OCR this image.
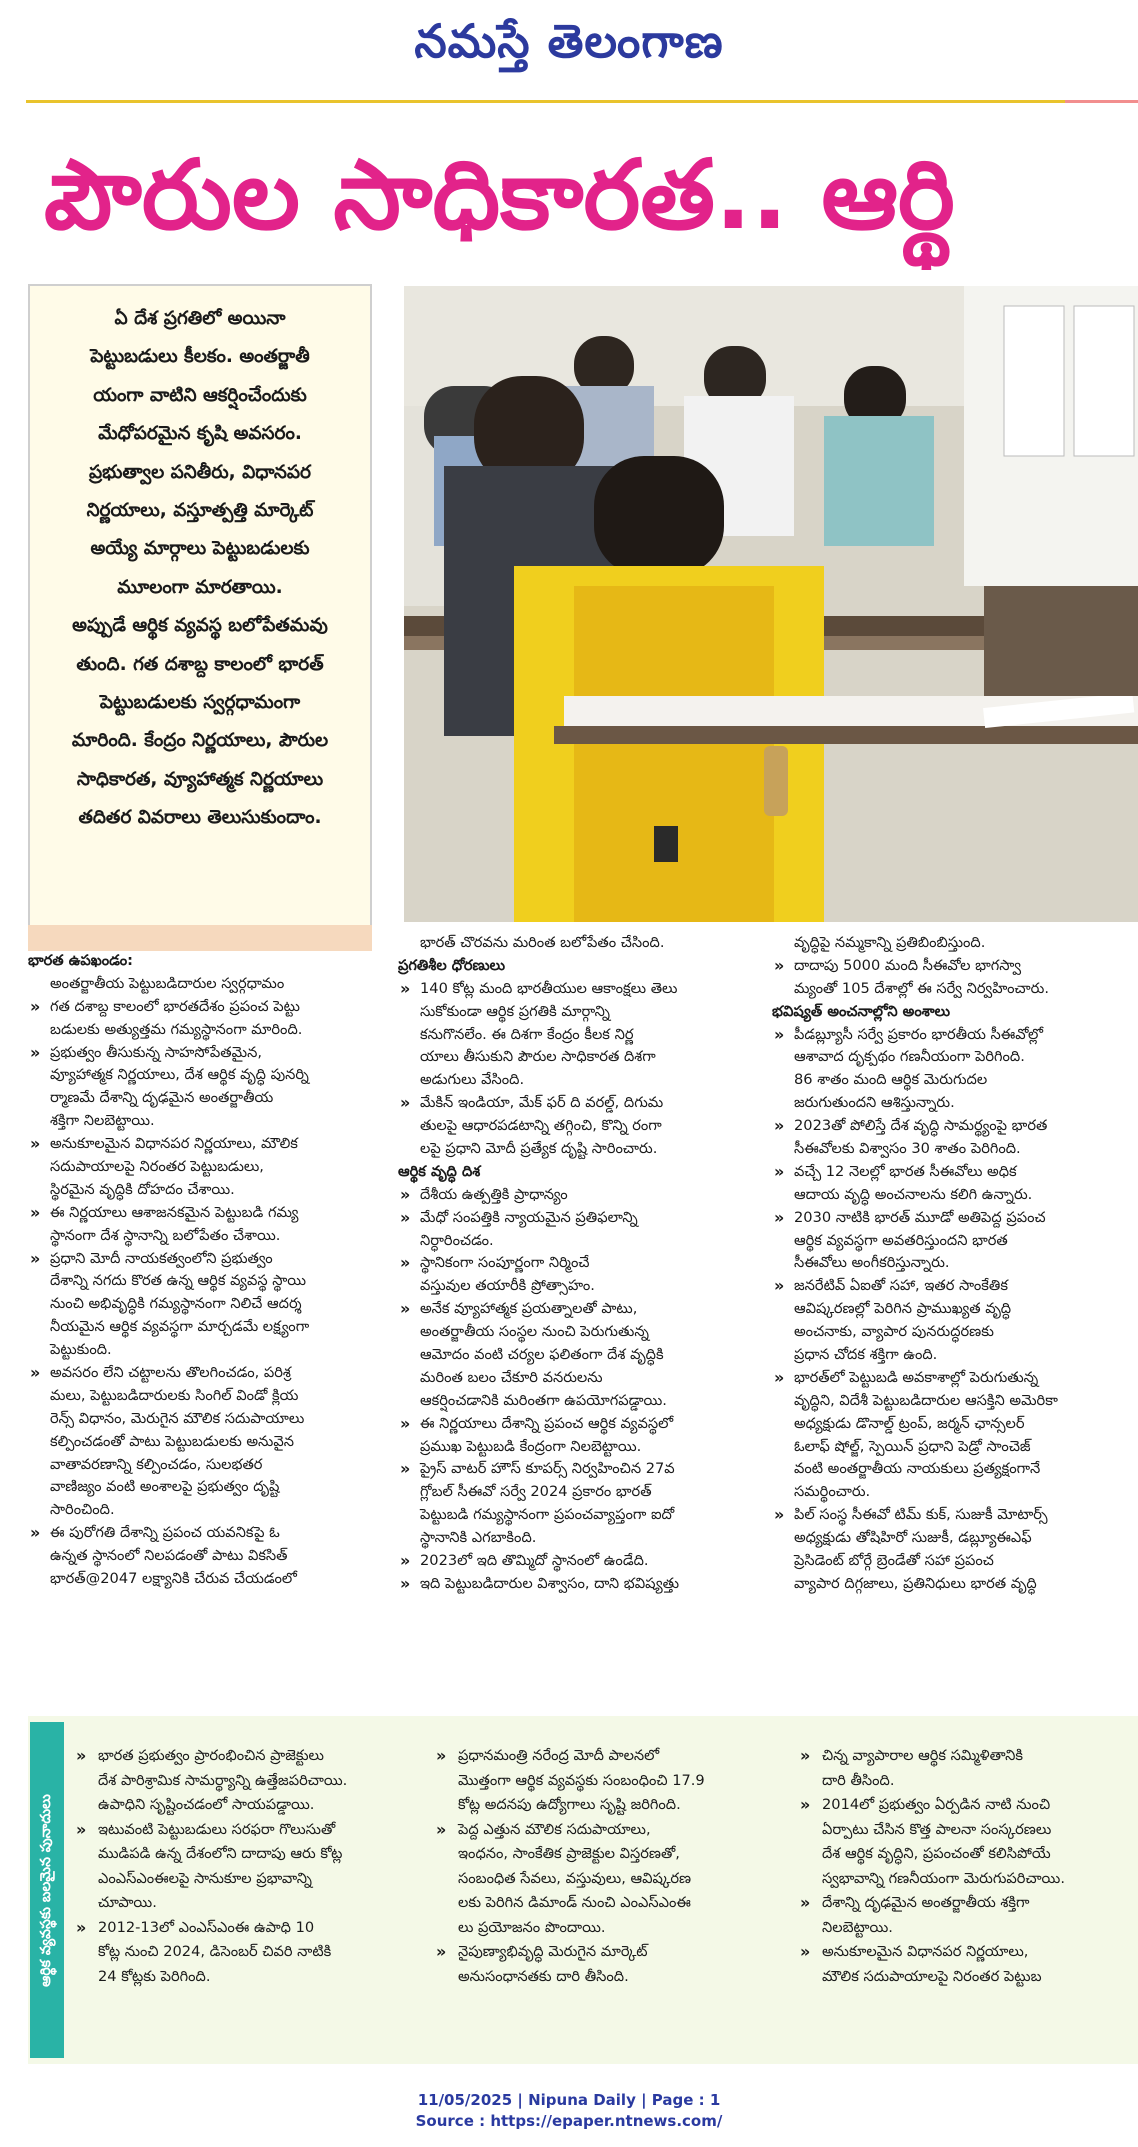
నమస్తే తెలంగాణ
పౌరుల సాధికారత.. ఆర్థి
ఏ దేశ ప్రగతిలో అయినా
పెట్టుబడులు కీలకం. అంతర్జాతీ
యంగా వాటిని ఆకర్షించేందుకు
మేధోపరమైన కృషి అవసరం.
ప్రభుత్వాల పనితీరు, విధానపర
నిర్ణయాలు, వస్తూత్పత్తి మార్కెట్
అయ్యే మార్గాలు పెట్టుబడులకు
మూలంగా మారతాయి.
అప్పుడే ఆర్థిక వ్యవస్థ బలోపేతమవు
తుంది. గత దశాబ్ద కాలంలో భారత్
పెట్టుబడులకు స్వర్గధామంగా
మారింది. కేంద్రం నిర్ణయాలు, పౌరుల
సాధికారత, వ్యూహాత్మక నిర్ణయాలు
తదితర వివరాలు తెలుసుకుందాం.
భారత ఉపఖండం:
అంతర్జాతీయ పెట్టుబడిదారుల స్వర్గధామం
» గత దశాబ్ద కాలంలో భారతదేశం ప్రపంచ పెట్టు
బడులకు అత్యుత్తమ గమ్యస్థానంగా మారింది.
» ప్రభుత్వం తీసుకున్న సాహసోపేతమైన,
వ్యూహాత్మక నిర్ణయాలు, దేశ ఆర్థిక వృద్ధి పునర్ని
ర్మాణమే దేశాన్ని దృఢమైన అంతర్జాతీయ
శక్తిగా నిలబెట్టాయి.
» అనుకూలమైన విధానపర నిర్ణయాలు, మౌలిక
సదుపాయాలపై నిరంతర పెట్టుబడులు,
స్థిరమైన వృద్ధికి దోహదం చేశాయి.
» ఈ నిర్ణయాలు ఆశాజనకమైన పెట్టుబడి గమ్య
స్థానంగా దేశ స్థానాన్ని బలోపేతం చేశాయి.
» ప్రధాని మోదీ నాయకత్వంలోని ప్రభుత్వం
దేశాన్ని నగదు కొరత ఉన్న ఆర్థిక వ్యవస్థ స్థాయి
నుంచి అభివృద్ధికి గమ్యస్థానంగా నిలిచే ఆదర్శ
నీయమైన ఆర్థిక వ్యవస్థగా మార్చడమే లక్ష్యంగా
పెట్టుకుంది.
» అవసరం లేని చట్టాలను తొలగించడం, పరిశ్ర
మలు, పెట్టుబడిదారులకు సింగిల్ విండో క్లియ
రెన్స్ విధానం, మెరుగైన మౌలిక సదుపాయాలు
కల్పించడంతో పాటు పెట్టుబడులకు అనువైన
వాతావరణాన్ని కల్పించడం, సులభతర
వాణిజ్యం వంటి అంశాలపై ప్రభుత్వం దృష్టి
సారించింది.
» ఈ పురోగతి దేశాన్ని ప్రపంచ యవనికపై ఓ
ఉన్నత స్థానంలో నిలపడంతో పాటు వికసిత్
భారత్@2047 లక్ష్యానికి చేరువ చేయడంలో
భారత్ చొరవను మరింత బలోపేతం చేసింది.
ప్రగతిశీల ధోరణులు
» 140 కోట్ల మంది భారతీయుల ఆకాంక్షలు తెలు
సుకోకుండా ఆర్థిక ప్రగతికి మార్గాన్ని
కనుగొనలేం. ఈ దిశగా కేంద్రం కీలక నిర్ణ
యాలు తీసుకుని పౌరుల సాధికారత దిశగా
అడుగులు వేసింది.
» మేకిన్ ఇండియా, మేక్ ఫర్ ది వరల్డ్, దిగుమ
తులపై ఆధారపడటాన్ని తగ్గించి, కొన్ని రంగా
లపై ప్రధాని మోదీ ప్రత్యేక దృష్టి సారించారు.
ఆర్థిక వృద్ధి దిశ
» దేశీయ ఉత్పత్తికి ప్రాధాన్యం
» మేధో సంపత్తికి న్యాయమైన ప్రతిఫలాన్ని
నిర్ధారించడం.
» స్థానికంగా సంపూర్ణంగా నిర్మించే
వస్తువుల తయారీకి ప్రోత్సాహం.
» అనేక వ్యూహాత్మక ప్రయత్నాలతో పాటు,
అంతర్జాతీయ సంస్థల నుంచి పెరుగుతున్న
ఆమోదం వంటి చర్యల ఫలితంగా దేశ వృద్ధికి
మరింత బలం చేకూరి వనరులను
ఆకర్షించడానికి మరింతగా ఉపయోగపడ్డాయి.
» ఈ నిర్ణయాలు దేశాన్ని ప్రపంచ ఆర్థిక వ్యవస్థలో
ప్రముఖ పెట్టుబడి కేంద్రంగా నిలబెట్టాయి.
» ప్రైస్ వాటర్ హౌస్ కూపర్స్ నిర్వహించిన 27వ
గ్లోబల్ సీఈవో సర్వే 2024 ప్రకారం భారత్
పెట్టుబడి గమ్యస్థానంగా ప్రపంచవ్యాప్తంగా ఐదో
స్థానానికి ఎగబాకింది.
» 2023లో ఇది తొమ్మిదో స్థానంలో ఉండేది.
» ఇది పెట్టుబడిదారుల విశ్వాసం, దాని భవిష్యత్తు
వృద్ధిపై నమ్మకాన్ని ప్రతిబింబిస్తుంది.
» దాదాపు 5000 మంది సీఈవోల భాగస్వా
మ్యంతో 105 దేశాల్లో ఈ సర్వే నిర్వహించారు.
భవిష్యత్ అంచనాల్లోని అంశాలు
» పీడబ్ల్యూసీ సర్వే ప్రకారం భారతీయ సీఈవోల్లో
ఆశావాద దృక్పథం గణనీయంగా పెరిగింది.
86 శాతం మంది ఆర్థిక మెరుగుదల
జరుగుతుందని ఆశిస్తున్నారు.
» 2023తో పోలిస్తే దేశ వృద్ధి సామర్థ్యంపై భారత
సీఈవోలకు విశ్వాసం 30 శాతం పెరిగింది.
» వచ్చే 12 నెలల్లో భారత సీఈవోలు అధిక
ఆదాయ వృద్ధి అంచనాలను కలిగి ఉన్నారు.
» 2030 నాటికి భారత్ మూడో అతిపెద్ద ప్రపంచ
ఆర్థిక వ్యవస్థగా అవతరిస్తుందని భారత
సీఈవోలు అంగీకరిస్తున్నారు.
» జనరేటివ్ ఏఐతో సహా, ఇతర సాంకేతిక
ఆవిష్కరణల్లో పెరిగిన ప్రాముఖ్యత వృద్ధి
అంచనాకు, వ్యాపార పునరుద్ధరణకు
ప్రధాన చోదక శక్తిగా ఉంది.
» భారత్‌లో పెట్టుబడి అవకాశాల్లో పెరుగుతున్న
వృద్ధిని, విదేశీ పెట్టుబడిదారుల ఆసక్తిని అమెరికా
అధ్యక్షుడు డొనాల్డ్ ట్రంప్, జర్మన్ ఛాన్సలర్
ఓలాఫ్ షోల్జ్, స్పెయిన్ ప్రధాని పెడ్రో సాంచెజ్
వంటి అంతర్జాతీయ నాయకులు ప్రత్యక్షంగానే
సమర్థించారు.
» పిల్ సంస్థ సీఈవో టిమ్ కుక్, సుజుకీ మోటార్స్
అధ్యక్షుడు తోషిహిరో సుజుకీ, డబ్ల్యూఈఎఫ్
ప్రెసిడెంట్ బోర్గే బ్రెండేతో సహా ప్రపంచ
వ్యాపార దిగ్గజాలు, ప్రతినిధులు భారత వృద్ధి
ఆర్థిక వ్యవస్థకు బలమైన పునాదులు
» భారత ప్రభుత్వం ప్రారంభించిన ప్రాజెక్టులు
దేశ పారిశ్రామిక సామర్థ్యాన్ని ఉత్తేజపరిచాయి.
ఉపాధిని సృష్టించడంలో సాయపడ్డాయి.
» ఇటువంటి పెట్టుబడులు సరఫరా గొలుసుతో
ముడిపడి ఉన్న దేశంలోని దాదాపు ఆరు కోట్ల
ఎంఎస్ఎంఈలపై సానుకూల ప్రభావాన్ని
చూపాయి.
» 2012-13లో ఎంఎస్ఎంఈ ఉపాధి 10
కోట్ల నుంచి 2024, డిసెంబర్ చివరి నాటికి
24 కోట్లకు పెరిగింది.
» ప్రధానమంత్రి నరేంద్ర మోదీ పాలనలో
మొత్తంగా ఆర్థిక వ్యవస్థకు సంబంధించి 17.9
కోట్ల అదనపు ఉద్యోగాలు సృష్టి జరిగింది.
» పెద్ద ఎత్తున మౌలిక సదుపాయాలు,
ఇంధనం, సాంకేతిక ప్రాజెక్టుల విస్తరణతో,
సంబంధిత సేవలు, వస్తువులు, ఆవిష్కరణ
లకు పెరిగిన డిమాండ్ నుంచి ఎంఎస్ఎంఈ
లు ప్రయోజనం పొందాయి.
» నైపుణ్యాభివృద్ధి మెరుగైన మార్కెట్
అనుసంధానతకు దారి తీసింది.
» చిన్న వ్యాపారాల ఆర్థిక సమ్మిళితానికి
దారి తీసింది.
» 2014లో ప్రభుత్వం ఏర్పడిన నాటి నుంచి
ఏర్పాటు చేసిన కొత్త పాలనా సంస్కరణలు
దేశ ఆర్థిక వృద్ధిని, ప్రపంచంతో కలిసిపోయే
స్వభావాన్ని గణనీయంగా మెరుగుపరిచాయి.
» దేశాన్ని దృఢమైన అంతర్జాతీయ శక్తిగా
నిలబెట్టాయి.
» అనుకూలమైన విధానపర నిర్ణయాలు,
మౌలిక సదుపాయాలపై నిరంతర పెట్టుబ
11/05/2025 | Nipuna Daily | Page : 1
Source : https://epaper.ntnews.com/
